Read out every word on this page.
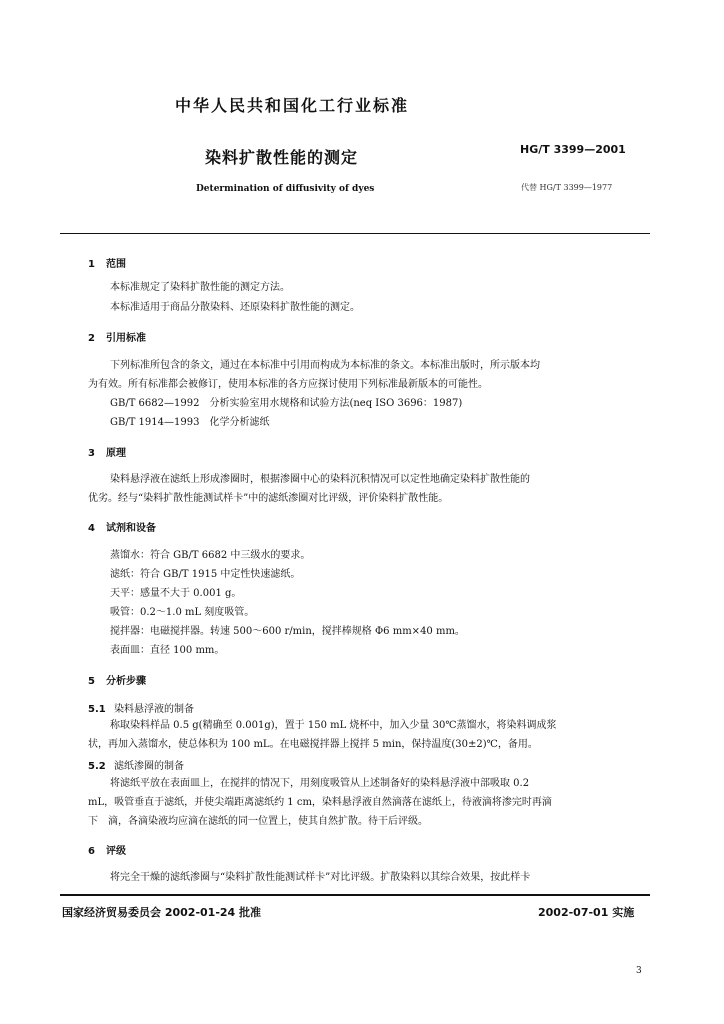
中华人民共和国化工行业标准
染料扩散性能的测定	HG/T 3399—2001
Determination of diffusivity of dyes	代替 HG/T 3399—1977
1 范围
本标准规定了染料扩散性能的测定方法。
本标准适用于商品分散染料、还原染料扩散性能的测定。
2 引用标准
下列标准所包含的条文，通过在本标准中引用而构成为本标准的条文。本标准出版时，所示版本均
为有效。所有标准都会被修订，使用本标准的各方应探讨使用下列标准最新版本的可能性。
GB/T 6682—1992　分析实验室用水规格和试验方法(neq ISO 3696：1987)
GB/T 1914—1993　化学分析滤纸
3 原理
染料悬浮液在滤纸上形成渗圈时，根据渗圈中心的染料沉积情况可以定性地确定染料扩散性能的
优劣。经与“染料扩散性能测试样卡”中的滤纸渗圈对比评级，评价染料扩散性能。
4 试剂和设备
蒸馏水：符合 GB/T 6682 中三级水的要求。
滤纸：符合 GB/T 1915 中定性快速滤纸。
天平：感量不大于 0.001 g。
吸管：0.2～1.0 mL 刻度吸管。
搅拌器：电磁搅拌器。转速 500～600 r/min，搅拌棒规格 Φ6 mm×40 mm。
表面皿：直径 100 mm。
5 分析步骤
5.1 染料悬浮液的制备
称取染料样品 0.5 g(精确至 0.001g)，置于 150 mL 烧杯中，加入少量 30℃蒸馏水，将染料调成浆
状，再加入蒸馏水，使总体积为 100 mL。在电磁搅拌器上搅拌 5 min，保持温度(30±2)℃，备用。
5.2 滤纸渗圈的制备
将滤纸平放在表面皿上，在搅拌的情况下，用刻度吸管从上述制备好的染料悬浮液中部吸取 0.2
mL，吸管垂直于滤纸，并使尖端距离滤纸约 1 cm，染料悬浮液自然滴落在滤纸上，待液滴将渗完时再滴
下　滴，各滴染液均应滴在滤纸的同一位置上，使其自然扩散。待干后评级。
6 评级
将完全干燥的滤纸渗圈与“染料扩散性能测试样卡”对比评级。扩散染料以其综合效果，按此样卡
国家经济贸易委员会 2002-01-24 批准	2002-07-01 实施
3
